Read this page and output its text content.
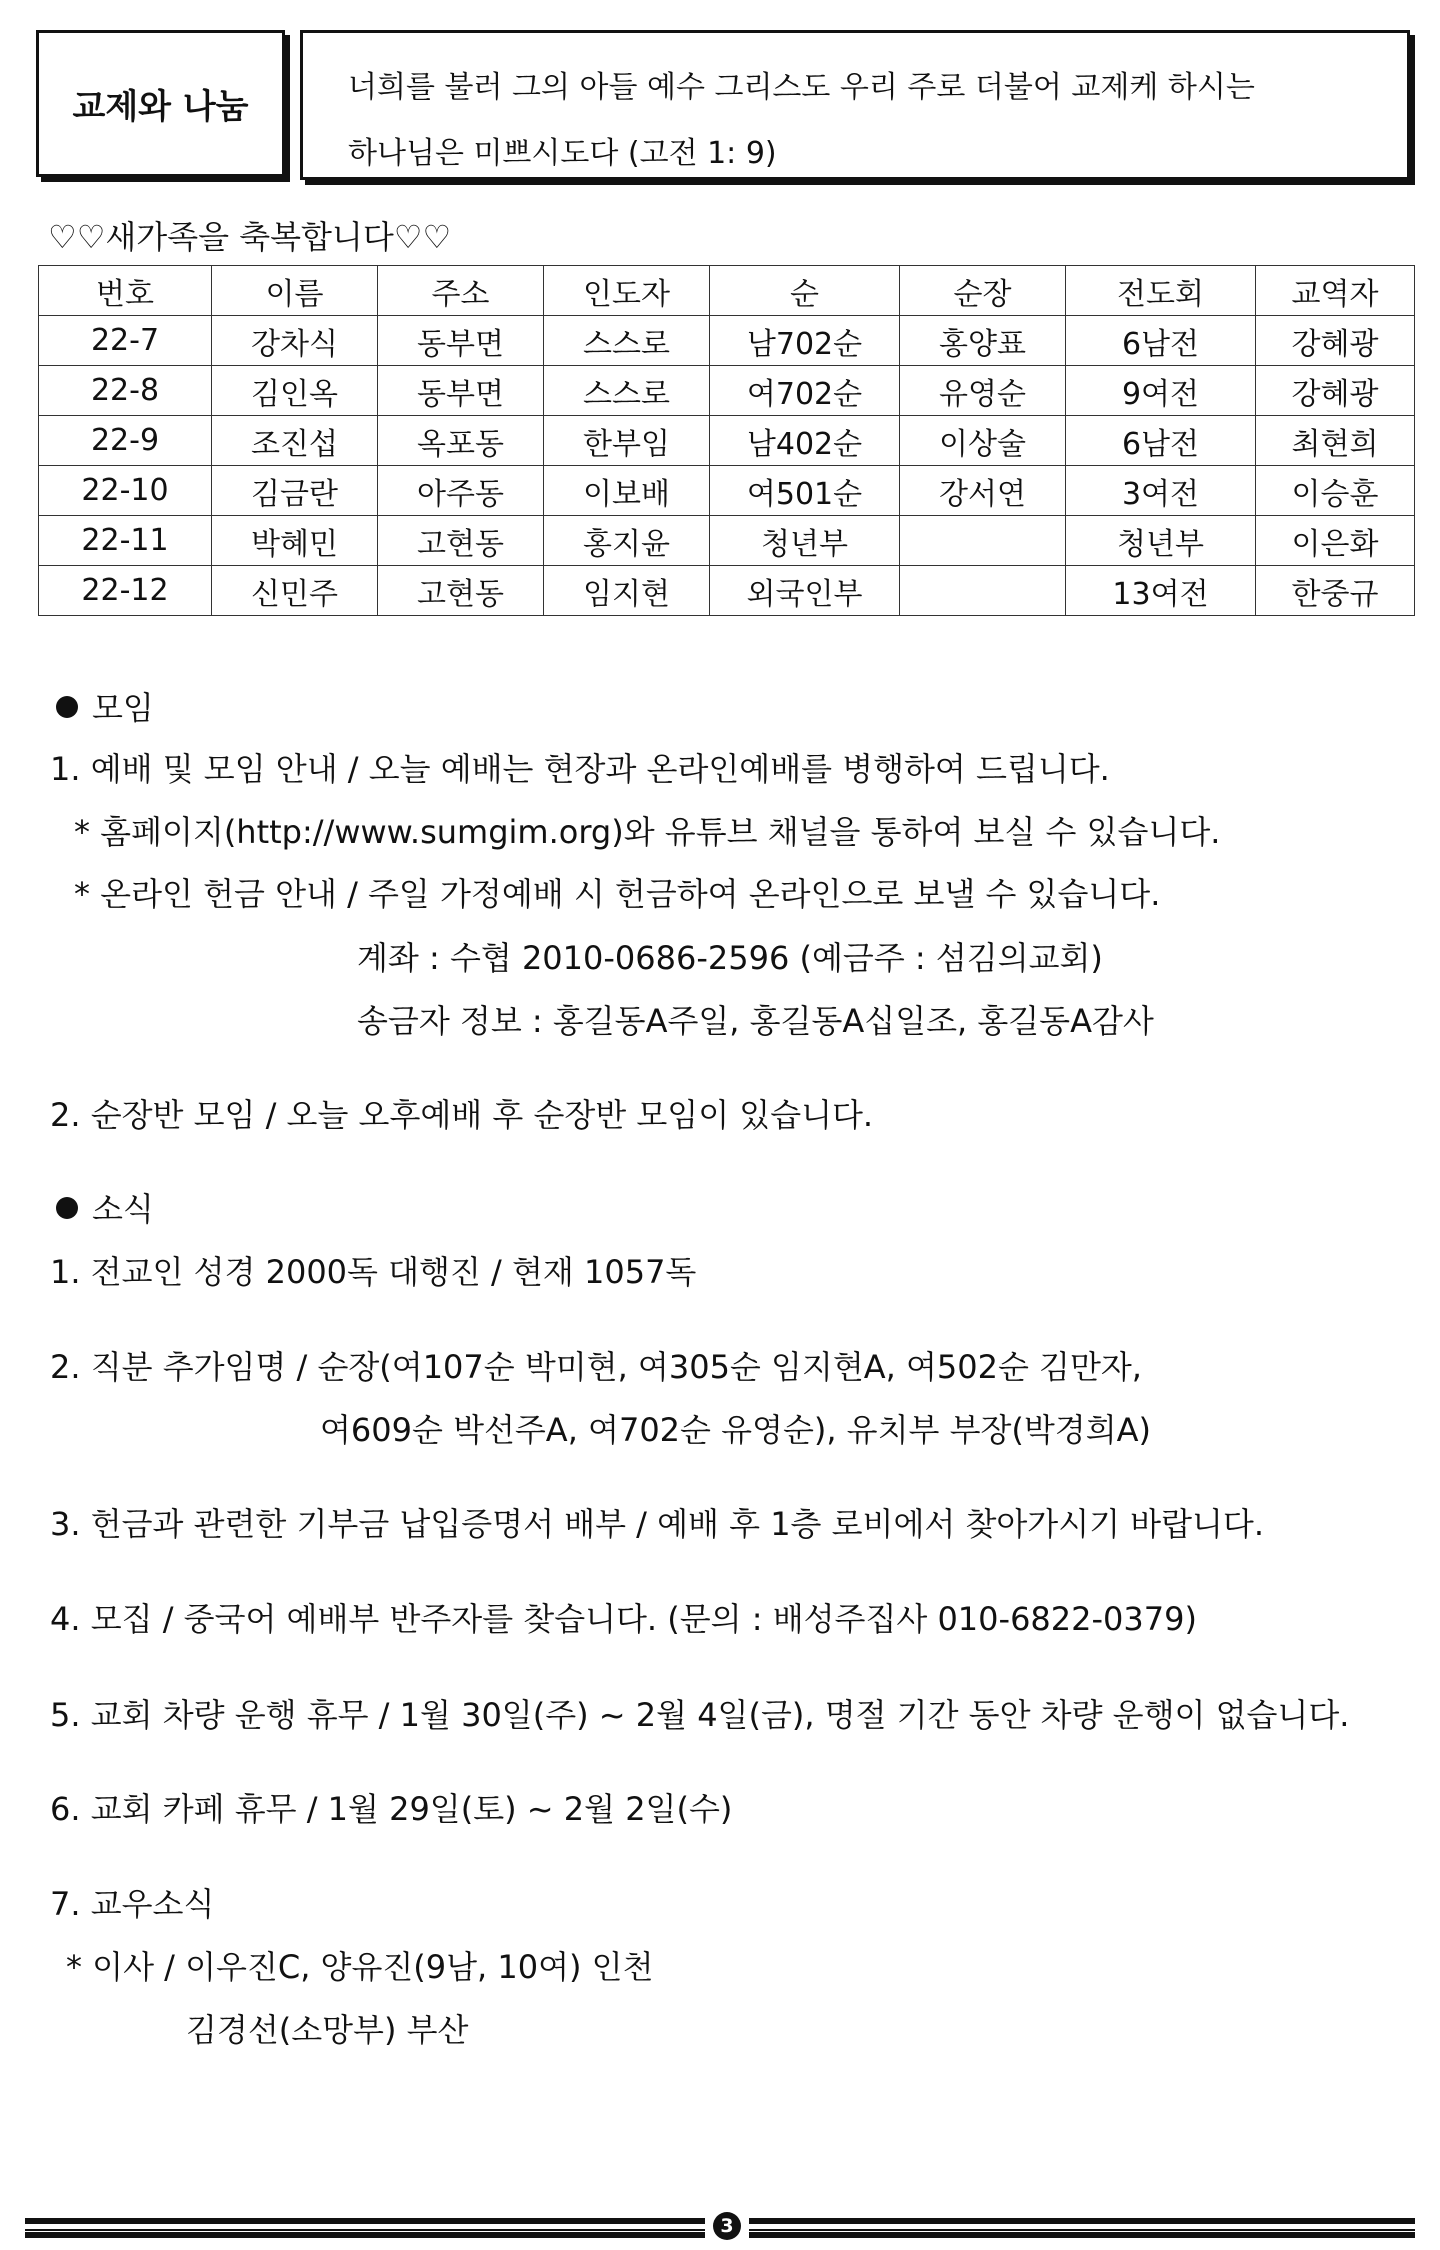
교제와 나눔	너희를 불러 그의 아들 예수 그리스도 우리 주로 더불어 교제케 하시는
하나님은 미쁘시도다 (고전 1: 9)
♡♡새가족을 축복합니다♡♡
번호	이름	주소	인도자	순	순장	전도회	교역자
22-7	강차식	동부면	스스로	남702순	홍양표	6남전	강혜광
22-8	김인옥	동부면	스스로	여702순	유영순	9여전	강혜광
22-9	조진섭	옥포동	한부임	남402순	이상술	6남전	최현희
22-10	김금란	아주동	이보배	여501순	강서연	3여전	이승훈
22-11	박혜민	고현동	홍지윤	청년부		청년부	이은화
22-12	신민주	고현동	임지현	외국인부		13여전	한중규
모임
1. 예배 및 모임 안내 / 오늘 예배는 현장과 온라인예배를 병행하여 드립니다.
* 홈페이지(http://www.sumgim.org)와 유튜브 채널을 통하여 보실 수 있습니다.
* 온라인 헌금 안내 / 주일 가정예배 시 헌금하여 온라인으로 보낼 수 있습니다.
계좌 : 수협 2010-0686-2596 (예금주 : 섬김의교회)
송금자 정보 : 홍길동A주일, 홍길동A십일조, 홍길동A감사
2. 순장반 모임 / 오늘 오후예배 후 순장반 모임이 있습니다.
소식
1. 전교인 성경 2000독 대행진 / 현재 1057독
2. 직분 추가임명 / 순장(여107순 박미현, 여305순 임지현A, 여502순 김만자,
여609순 박선주A, 여702순 유영순), 유치부 부장(박경희A)
3. 헌금과 관련한 기부금 납입증명서 배부 / 예배 후 1층 로비에서 찾아가시기 바랍니다.
4. 모집 / 중국어 예배부 반주자를 찾습니다. (문의 : 배성주집사 010-6822-0379)
5. 교회 차량 운행 휴무 / 1월 30일(주) ~ 2월 4일(금), 명절 기간 동안 차량 운행이 없습니다.
6. 교회 카페 휴무 / 1월 29일(토) ~ 2월 2일(수)
7. 교우소식
* 이사 / 이우진C, 양유진(9남, 10여) 인천
김경선(소망부) 부산
3
